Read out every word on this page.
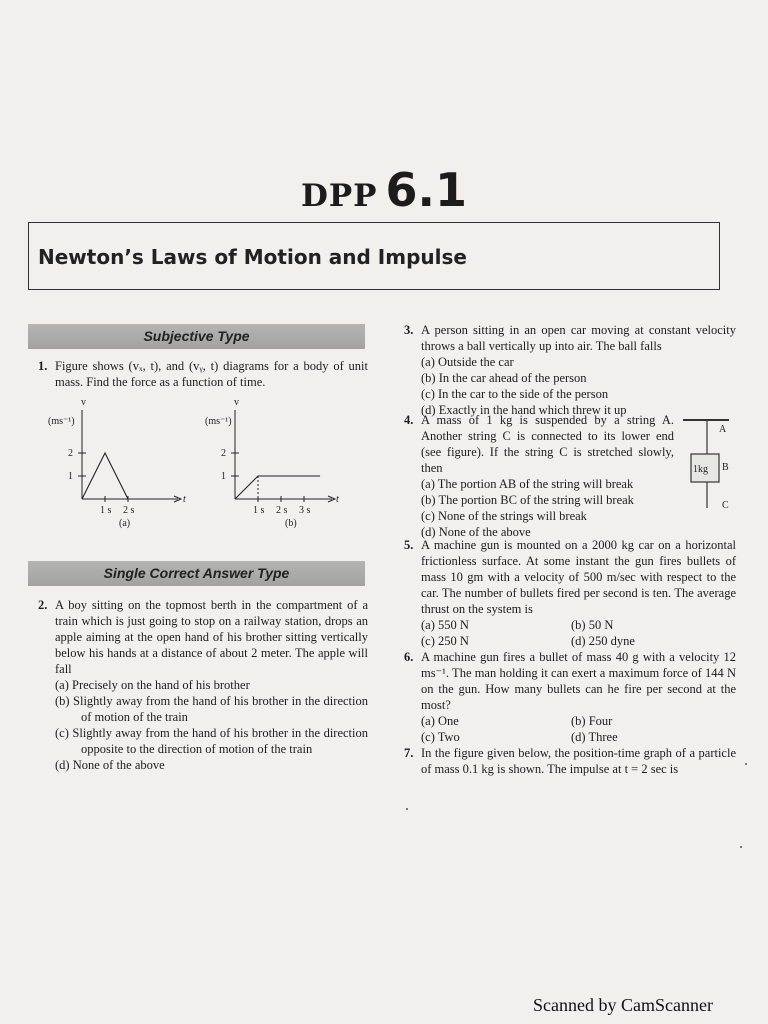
DPP 6.1
Newton’s Laws of Motion and Impulse
Subjective Type
1. Figure shows (vₓ, t), and (vᵧ, t) diagrams for a body of unit mass. Find the force as a function of time.
v
(ms⁻¹)
t
2
1
1 s 2 s
(a)
v
(ms⁻¹)
t
2
1
1 s 2 s 3 s
(b)
Single Correct Answer Type
2. A boy sitting on the topmost berth in the compartment of a train which is just going to stop on a railway station, drops an apple aiming at the open hand of his brother sitting vertically below his hands at a distance of about 2 meter. The apple will fall
(a) Precisely on the hand of his brother
(b) Slightly away from the hand of his brother in the direction of motion of the train
(c) Slightly away from the hand of his brother in the direction opposite to the direction of motion of the train
(d) None of the above
3. A person sitting in an open car moving at constant velocity throws a ball vertically up into air. The ball falls
(a) Outside the car
(b) In the car ahead of the person
(c) In the car to the side of the person
(d) Exactly in the hand which threw it up
4. A mass of 1 kg is suspended by a string A. Another string C is connected to its lower end (see figure). If the string C is stretched slowly, then
(a) The portion AB of the string will break
(b) The portion BC of the string will break
(c) None of the strings will break
(d) None of the above
1kg
A
B
C
5. A machine gun is mounted on a 2000 kg car on a horizontal frictionless surface. At some instant the gun fires bullets of mass 10 gm with a velocity of 500 m/sec with respect to the car. The number of bullets fired per second is ten. The average thrust on the system is
(a) 550 N	(b) 50 N
(c) 250 N	(d) 250 dyne
6. A machine gun fires a bullet of mass 40 g with a velocity 12 ms⁻¹. The man holding it can exert a maximum force of 144 N on the gun. How many bullets can he fire per second at the most?
(a) One	(b) Four
(c) Two	(d) Three
7. In the figure given below, the position-time graph of a particle of mass 0.1 kg is shown. The impulse at t = 2 sec is
Scanned by CamScanner
